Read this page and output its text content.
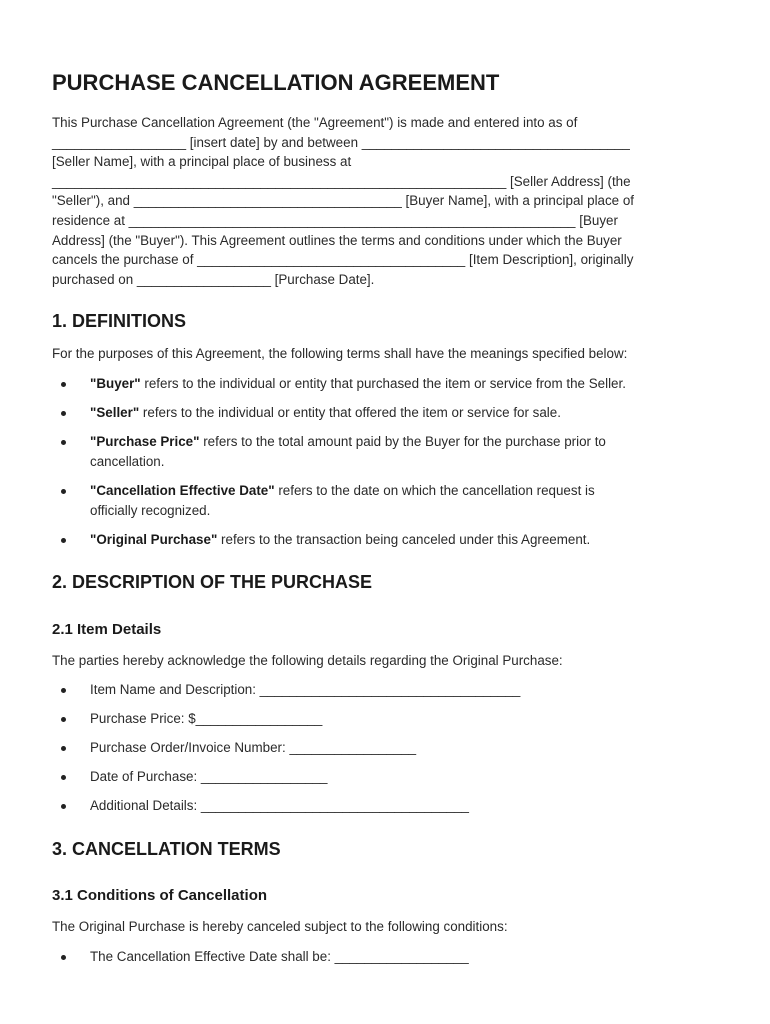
PURCHASE CANCELLATION AGREEMENT
This Purchase Cancellation Agreement (the "Agreement") is made and entered into as of
__________________ [insert date] by and between ____________________________________
[Seller Name], with a principal place of business at
_____________________________________________________________ [Seller Address] (the
"Seller"), and ____________________________________ [Buyer Name], with a principal place of
residence at ____________________________________________________________ [Buyer
Address] (the "Buyer"). This Agreement outlines the terms and conditions under which the Buyer
cancels the purchase of ____________________________________ [Item Description], originally
purchased on __________________ [Purchase Date].
1. DEFINITIONS

For the purposes of this Agreement, the following terms shall have the meanings specified below:

"Buyer" refers to the individual or entity that purchased the item or service from the Seller.
"Seller" refers to the individual or entity that offered the item or service for sale.
"Purchase Price" refers to the total amount paid by the Buyer for the purchase prior to
cancellation.
"Cancellation Effective Date" refers to the date on which the cancellation request is
officially recognized.
"Original Purchase" refers to the transaction being canceled under this Agreement.
2. DESCRIPTION OF THE PURCHASE
2.1 Item Details

The parties hereby acknowledge the following details regarding the Original Purchase:

Item Name and Description: ___________________________________
Purchase Price: $_________________
Purchase Order/Invoice Number: _________________
Date of Purchase: _________________
Additional Details: ____________________________________
3. CANCELLATION TERMS
3.1 Conditions of Cancellation

The Original Purchase is hereby canceled subject to the following conditions:

The Cancellation Effective Date shall be: __________________
